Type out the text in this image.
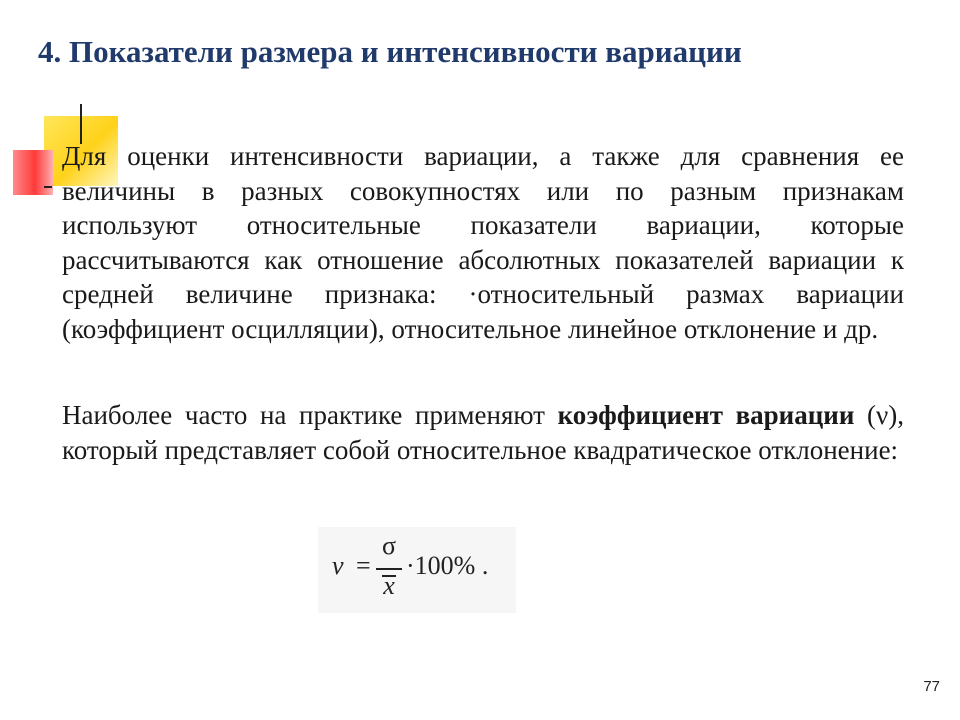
4. Показатели размера и интенсивности вариации

Для оценки интенсивности вариации, а также для сравнения ее величины в разных совокупностях или по разным признакам используют относительные показатели вариации, которые рассчитываются как отношение абсолютных показателей вариации к средней величине признака: ·относительный размах вариации (коэффициент осцилляции), относительное линейное отклонение и др.

Наиболее часто на практике применяют коэффициент вариации (ν), который представляет собой относительное квадратическое отклонение:

v =
σ
x
·100% .
77
